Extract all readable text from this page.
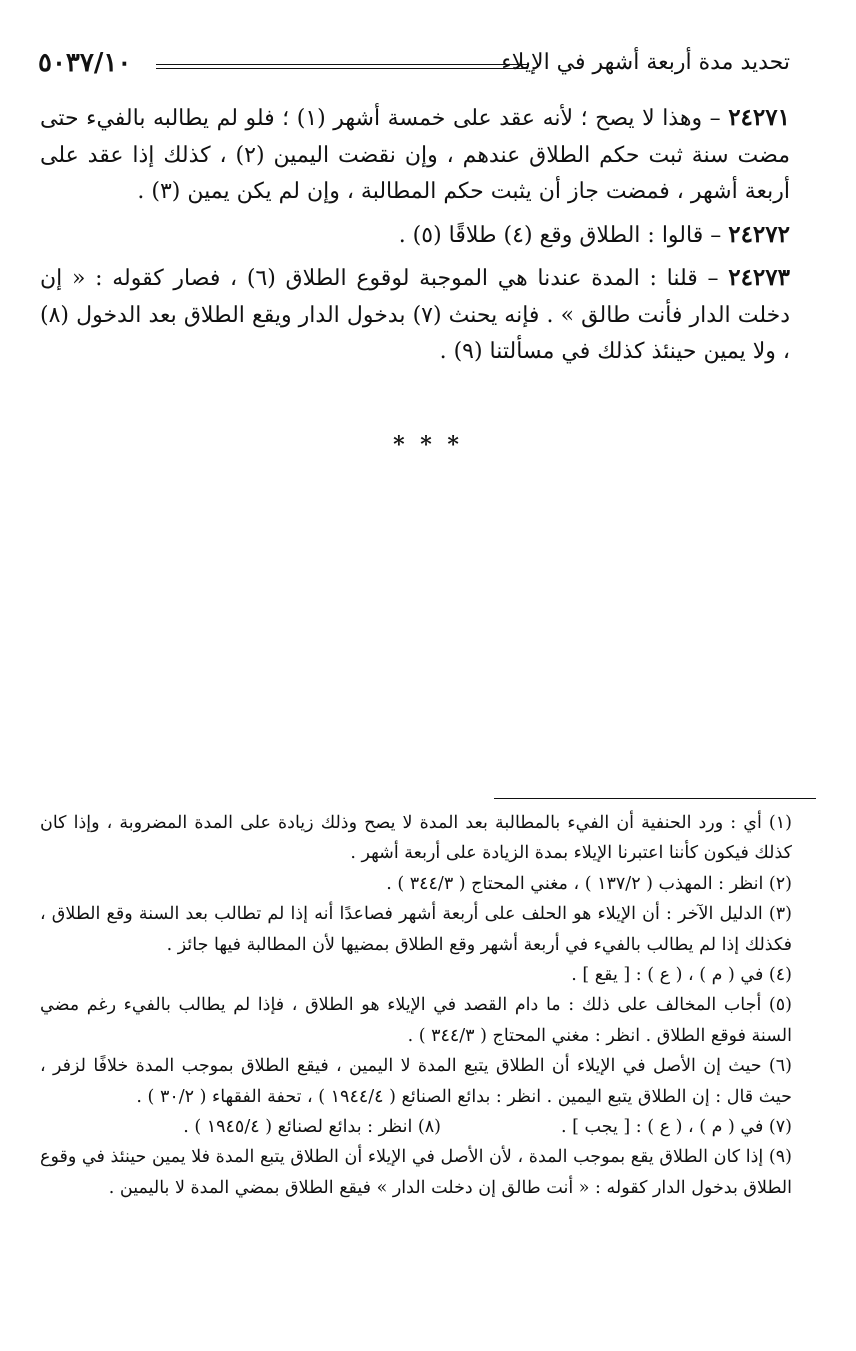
تحديد مدة أربعة أشهر في الإيلاء
٥٠٣٧/١٠

٢٤٢٧١ – وهذا لا يصح ؛ لأنه عقد على خمسة أشهر (١) ؛ فلو لم يطالبه بالفيء حتى مضت سنة ثبت حكم الطلاق عندهم ، وإن نقضت اليمين (٢) ، كذلك إذا عقد على أربعة أشهر ، فمضت جاز أن يثبت حكم المطالبة ، وإن لم يكن يمين (٣) .

٢٤٢٧٢ – قالوا : الطلاق وقع (٤) طلاقًا (٥) .

٢٤٢٧٣ – قلنا : المدة عندنا هي الموجبة لوقوع الطلاق (٦) ، فصار كقوله : « إن دخلت الدار فأنت طالق » . فإنه يحنث (٧) بدخول الدار ويقع الطلاق بعد الدخول (٨) ، ولا يمين حينئذ كذلك في مسألتنا (٩) .

* * *

(١) أي : ورد الحنفية أن الفيء بالمطالبة بعد المدة لا يصح وذلك زيادة على المدة المضروبة ، وإذا كان كذلك فيكون كأننا اعتبرنا الإيلاء بمدة الزيادة على أربعة أشهر .

(٢) انظر : المهذب ( ١٣٧/٢ ) ، مغني المحتاج ( ٣٤٤/٣ ) .

(٣) الدليل الآخر : أن الإيلاء هو الحلف على أربعة أشهر فصاعدًا أنه إذا لم تطالب بعد السنة وقع الطلاق ، فكذلك إذا لم يطالب بالفيء في أربعة أشهر وقع الطلاق بمضيها لأن المطالبة فيها جائز .

(٤) في ( م ) ، ( ع ) : [ يقع ] .

(٥) أجاب المخالف على ذلك : ما دام القصد في الإيلاء هو الطلاق ، فإذا لم يطالب بالفيء رغم مضي السنة فوقع الطلاق . انظر : مغني المحتاج ( ٣٤٤/٣ ) .

(٦) حيث إن الأصل في الإيلاء أن الطلاق يتبع المدة لا اليمين ، فيقع الطلاق بموجب المدة خلافًا لزفر ، حيث قال : إن الطلاق يتبع اليمين . انظر : بدائع الصنائع ( ١٩٤٤/٤ ) ، تحفة الفقهاء ( ٣٠/٢ ) .

(٧) في ( م ) ، ( ع ) : [ يجب ] .
(٨) انظر : بدائع لصنائع ( ١٩٤٥/٤ ) .

(٩) إذا كان الطلاق يقع بموجب المدة ، لأن الأصل في الإيلاء أن الطلاق يتبع المدة فلا يمين حينئذ في وقوع الطلاق بدخول الدار كقوله : « أنت طالق إن دخلت الدار » فيقع الطلاق بمضي المدة لا باليمين .
